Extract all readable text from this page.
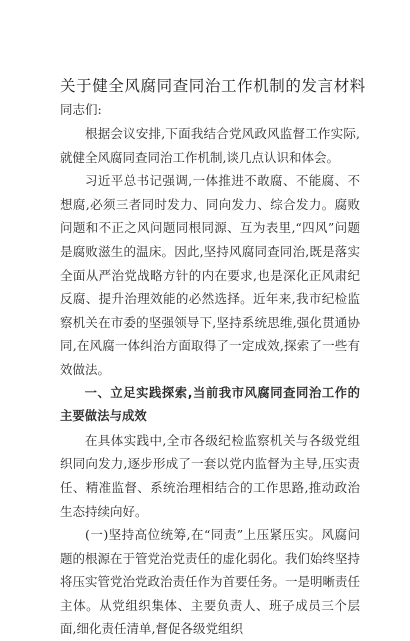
关于健全风腐同查同治工作机制的发言材料
同志们:

根据会议安排,下面我结合党风政风监督工作实际,就健全风腐同查同治工作机制,谈几点认识和体会。

习近平总书记强调,一体推进不敢腐、不能腐、不想腐,必须三者同时发力、同向发力、综合发力。腐败问题和不正之风问题同根同源、互为表里,“四风”问题是腐败滋生的温床。因此,坚持风腐同查同治,既是落实全面从严治党战略方针的内在要求,也是深化正风肃纪反腐、提升治理效能的必然选择。近年来,我市纪检监察机关在市委的坚强领导下,坚持系统思维,强化贯通协同,在风腐一体纠治方面取得了一定成效,探索了一些有效做法。

一、立足实践探索,当前我市风腐同查同治工作的主要做法与成效

在具体实践中,全市各级纪检监察机关与各级党组织同向发力,逐步形成了一套以党内监督为主导,压实责任、精准监督、系统治理相结合的工作思路,推动政治生态持续向好。

(一)坚持高位统筹,在“同责”上压紧压实。风腐问题的根源在于管党治党责任的虚化弱化。我们始终坚持将压实管党治党政治责任作为首要任务。一是明晰责任主体。从党组织集体、主要负责人、班子成员三个层面,细化责任清单,督促各级党组织
